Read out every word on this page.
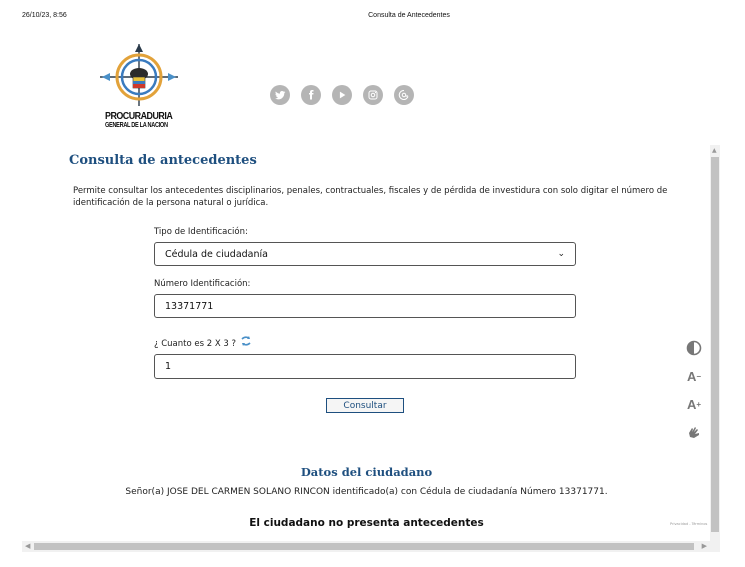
26/10/23, 8:56	Consulta de Antecedentes
PROCURADURIA
GENERAL DE LA NACION
Consulta de antecedentes

Permite consultar los antecedentes disciplinarios, penales, contractuales, fiscales y de pérdida de investidura con solo digitar el número de identificación de la persona natural o jurídica.

Tipo de Identificación:
Cédula de ciudadanía	⌄
Número Identificación:
13371771
¿ Cuanto es 2 X 3 ?
1
Consultar
Datos del ciudadano
Señor(a) JOSE DEL CARMEN SOLANO RINCON identificado(a) con Cédula de ciudadanía Número 13371771.
El ciudadano no presenta antecedentes	Privacidad - Términos
A −
A +
▲
◀	▶
